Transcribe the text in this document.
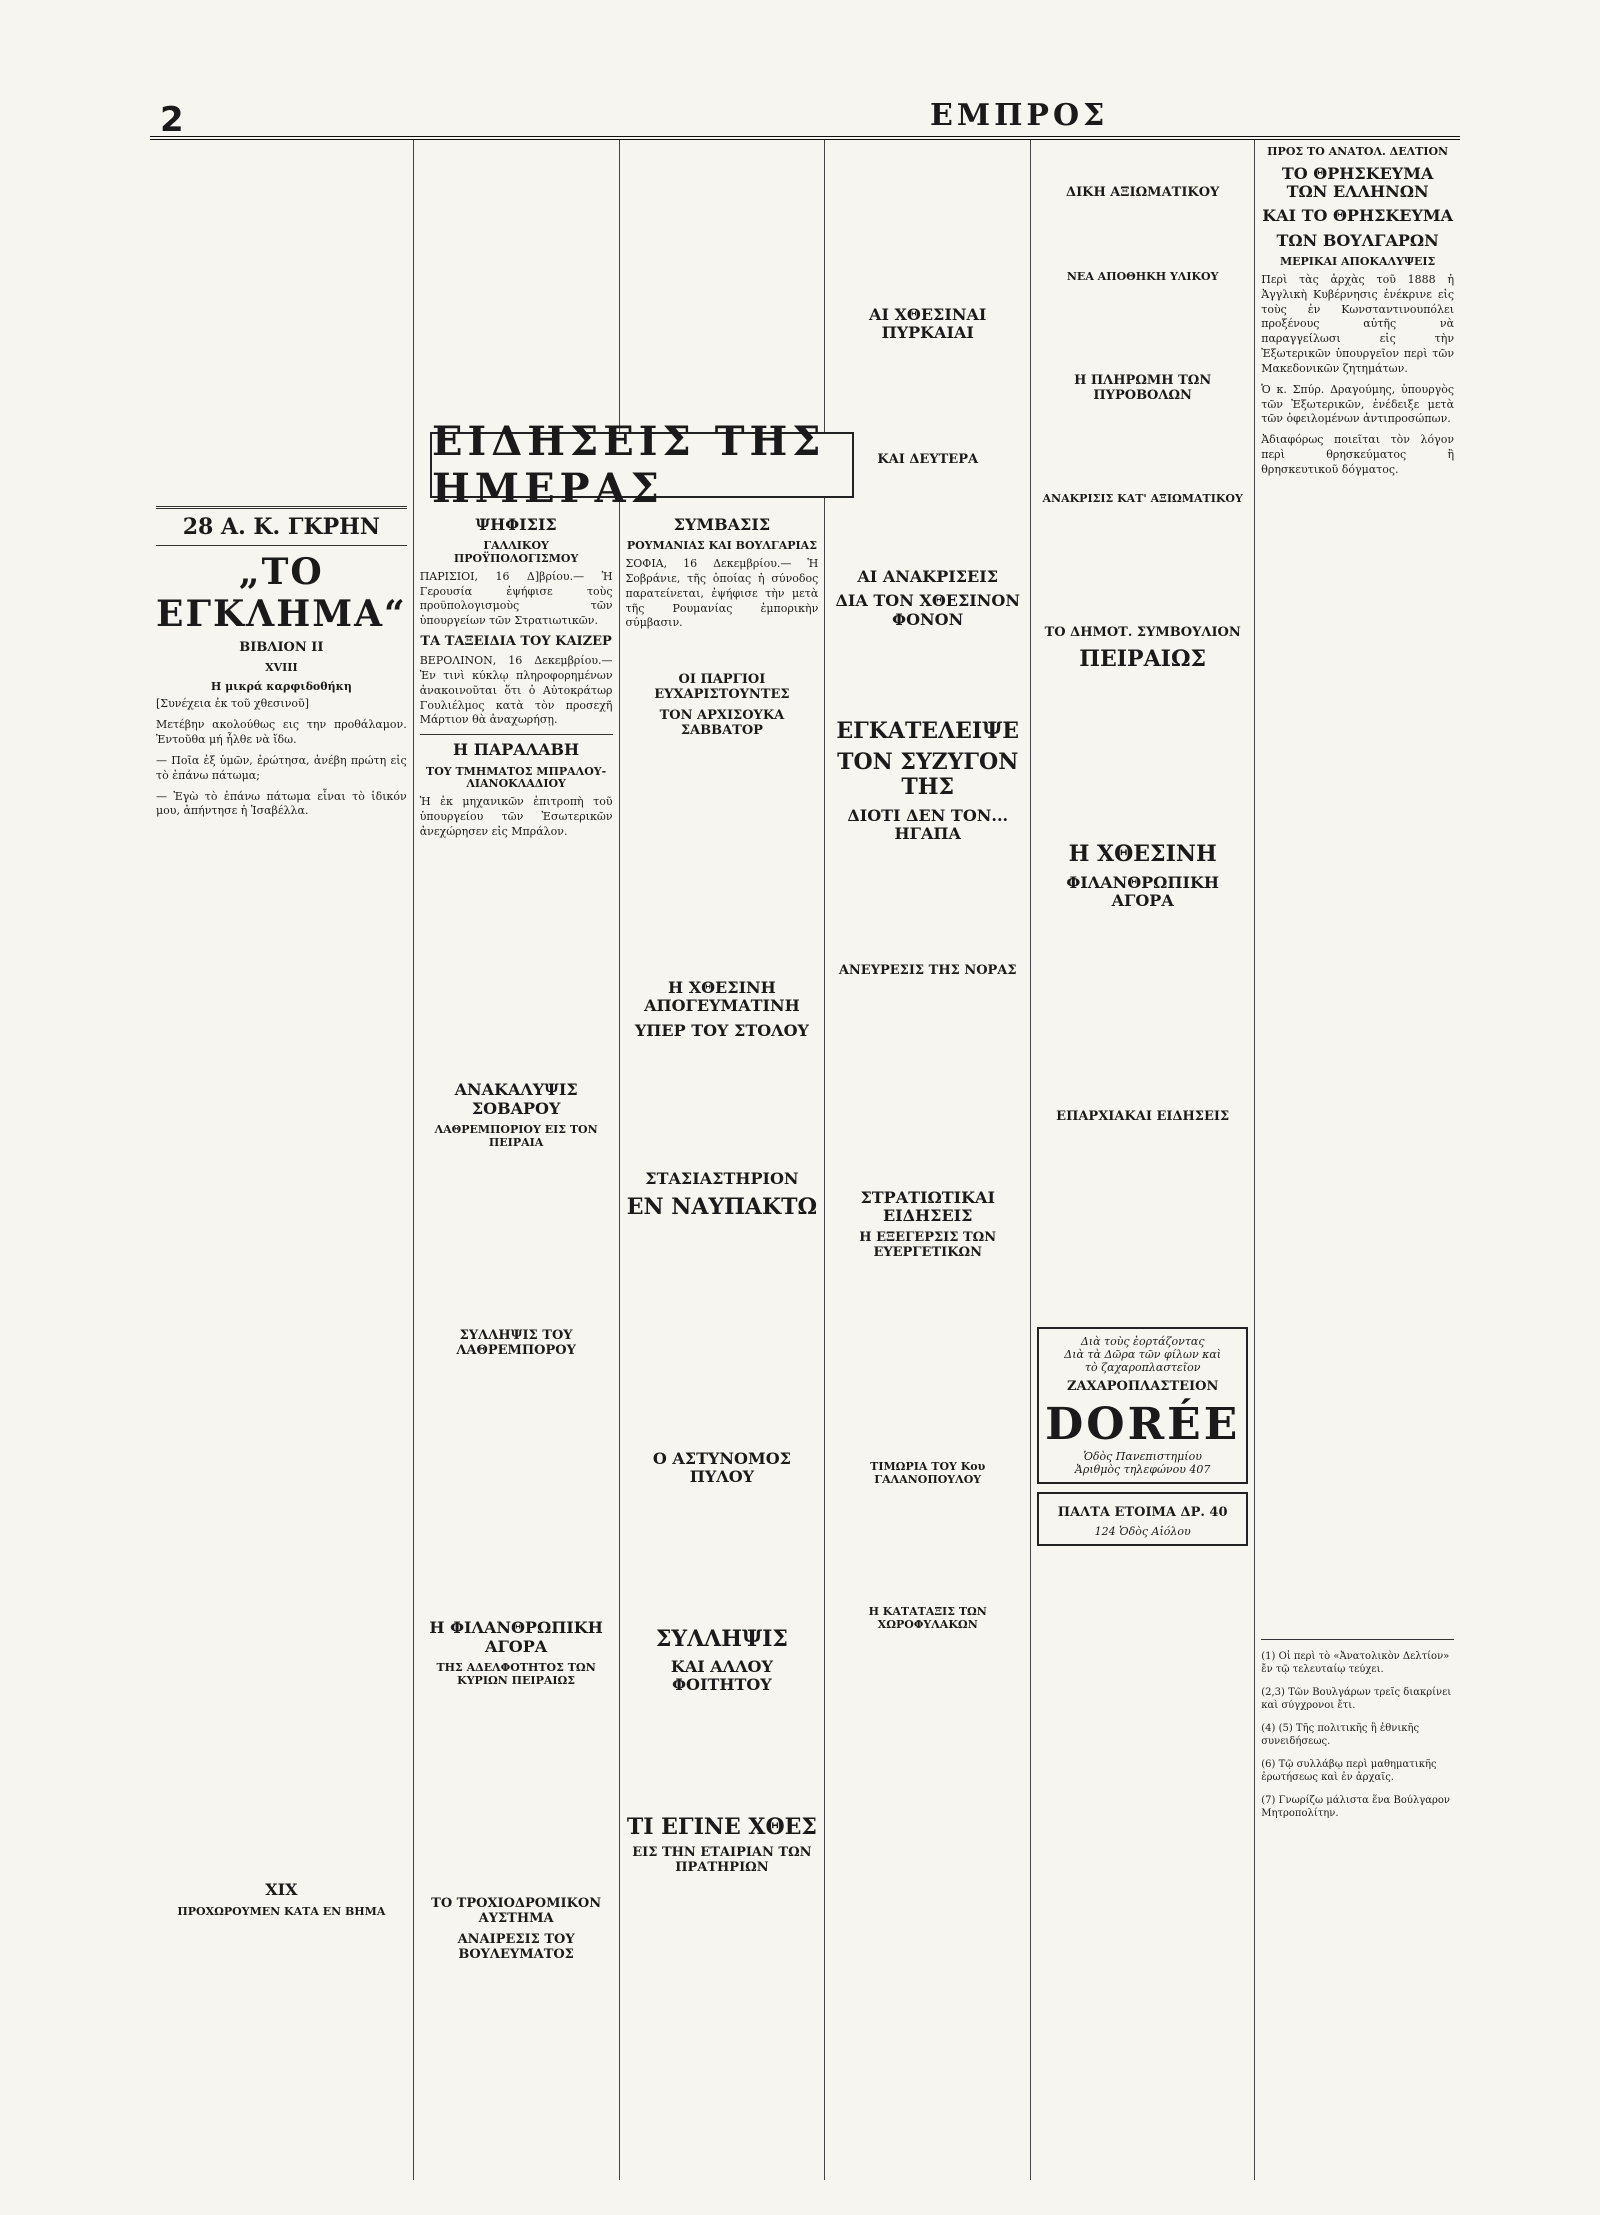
2	ΕΜΠΡΟΣ
28 Α. Κ. ΓΚΡΗΝ
„ΤΟ ΕΓΚΛΗΜΑ“
ΒΙΒΛΙΟΝ ΙΙ
XVIII
Η μικρά καρφιδοθήκη

[Συνέχεια ἐκ τοῦ χθεσινοῦ]

Μετέβην ακολούθως εις την προθάλαμον. Ἐντοῦθα μή ἦλθε νὰ ἴδω.

— Ποῖα ἐξ ὑμῶν, ἐρώτησα, ἀνέβη πρώτη εἰς τὸ ἐπάνω πάτωμα;

— Ἐγὼ τὸ ἐπάνω πάτωμα εἶναι τὸ ἰδικόν μου, ἀπήντησε ἡ Ἰσαβέλλα.

XIX
ΠΡΟΧΩΡΟΥΜΕΝ ΚΑΤΑ ΕΝ ΒΗΜΑ
ΨΗΦΙΣΙΣ
ΓΑΛΛΙΚΟΥ ΠΡΟΫΠΟΛΟΓΙΣΜΟΥ

ΠΑΡΙΣΙΟΙ, 16 Δ]βρίου.— Ἡ Γερουσία ἐψήφισε τοὺς προϋπολογισμοὺς τῶν ὑπουργείων τῶν Στρατιωτικῶν.

ΤΑ ΤΑΞΕΙΔΙΑ ΤΟΥ ΚΑΙΖΕΡ

ΒΕΡΟΛΙΝΟΝ, 16 Δεκεμβρίου.— Ἐν τινὶ κύκλῳ πληροφορημένων ἀνακοινοῦται ὅτι ὁ Αὐτοκράτωρ Γουλιέλμος κατὰ τὸν προσεχῆ Μάρτιον θὰ ἀναχωρήσῃ.

Η ΠΑΡΑΛΑΒΗ
ΤΟΥ ΤΜΗΜΑΤΟΣ ΜΠΡΑΛΟΥ-ΛΙΑΝΟΚΛΑΔΙΟΥ

Ἡ ἐκ μηχανικῶν ἐπιτροπὴ τοῦ ὑπουργείου τῶν Ἐσωτερικῶν ἀνεχώρησεν εἰς Μπράλον.

ΑΝΑΚΑΛΥΨΙΣ ΣΟΒΑΡΟΥ
ΛΑΘΡΕΜΠΟΡΙΟΥ ΕΙΣ ΤΟΝ ΠΕΙΡΑΙΑ
ΣΥΛΛΗΨΙΣ ΤΟΥ ΛΑΘΡΕΜΠΟΡΟΥ
Η ΦΙΛΑΝΘΡΩΠΙΚΗ ΑΓΟΡΑ
ΤΗΣ ΑΔΕΛΦΟΤΗΤΟΣ ΤΩΝ ΚΥΡΙΩΝ ΠΕΙΡΑΙΩΣ
ΤΟ ΤΡΟΧΙΟΔΡΟΜΙΚΟΝ ΑΥΣΤΗΜΑ
ΑΝΑΙΡΕΣΙΣ ΤΟΥ ΒΟΥΛΕΥΜΑΤΟΣ
ΣΥΜΒΑΣΙΣ
ΡΟΥΜΑΝΙΑΣ ΚΑΙ ΒΟΥΛΓΑΡΙΑΣ

ΣΟΦΙΑ, 16 Δεκεμβρίου.— Ἡ Σοβράνιε, τῆς ὁποίας ἡ σύνοδος παρατείνεται, ἐψήφισε τὴν μετὰ τῆς Ρουμανίας ἐμπορικὴν σύμβασιν.

ΟΙ ΠΑΡΓΙΟΙ ΕΥΧΑΡΙΣΤΟΥΝΤΕΣ
ΤΟΝ ΑΡΧΙΣΟΥΚΑ ΣΑΒΒΑΤΟΡ
Η ΧΘΕΣΙΝΗ ΑΠΟΓΕΥΜΑΤΙΝΗ
ΥΠΕΡ ΤΟΥ ΣΤΟΛΟΥ
ΣΤΑΣΙΑΣΤΗΡΙΟΝ
ΕΝ ΝΑΥΠΑΚΤΩ
Ο ΑΣΤΥΝΟΜΟΣ ΠΥΛΟΥ
ΣΥΛΛΗΨΙΣ
ΚΑΙ ΑΛΛΟΥ ΦΟΙΤΗΤΟΥ
ΤΙ ΕΓΙΝΕ ΧΘΕΣ
ΕΙΣ ΤΗΝ ΕΤΑΙΡΙΑΝ ΤΩΝ ΠΡΑΤΗΡΙΩΝ
ΑΙ ΧΘΕΣΙΝΑΙ ΠΥΡΚΑΙΑΙ
ΚΑΙ ΔΕΥΤΕΡΑ
ΑΙ ΑΝΑΚΡΙΣΕΙΣ
ΔΙΑ ΤΟΝ ΧΘΕΣΙΝΟΝ ΦΟΝΟΝ
ΕΓΚΑΤΕΛΕΙΨΕ
ΤΟΝ ΣΥΖΥΓΟΝ ΤΗΣ
ΔΙΟΤΙ ΔΕΝ ΤΟΝ... ΗΓΑΠΑ
ΑΝΕΥΡΕΣΙΣ ΤΗΣ ΝΟΡΑΣ
ΣΤΡΑΤΙΩΤΙΚΑΙ ΕΙΔΗΣΕΙΣ
Η ΕΞΕΓΕΡΣΙΣ ΤΩΝ ΕΥΕΡΓΕΤΙΚΩΝ
ΤΙΜΩΡΙΑ ΤΟΥ Κου ΓΑΛΑΝΟΠΟΥΛΟΥ
Η ΚΑΤΑΤΑΞΙΣ ΤΩΝ ΧΩΡΟΦΥΛΑΚΩΝ
ΔΙΚΗ ΑΞΙΩΜΑΤΙΚΟΥ
ΝΕΑ ΑΠΟΘΗΚΗ ΥΛΙΚΟΥ
Η ΠΛΗΡΩΜΗ ΤΩΝ ΠΥΡΟΒΟΛΩΝ
ΑΝΑΚΡΙΣΙΣ ΚΑΤ' ΑΞΙΩΜΑΤΙΚΟΥ
ΤΟ ΔΗΜΟΤ. ΣΥΜΒΟΥΛΙΟΝ
ΠΕΙΡΑΙΩΣ
Η ΧΘΕΣΙΝΗ
ΦΙΛΑΝΘΡΩΠΙΚΗ ΑΓΟΡΑ
ΕΠΑΡΧΙΑΚΑΙ ΕΙΔΗΣΕΙΣ
Διὰ τοὺς ἑορτάζοντας
Διὰ τὰ Δῶρα τῶν φίλων καὶ
τὸ ζαχαροπλαστεῖον
ΖΑΧΑΡΟΠΛΑΣΤΕΙΟΝ
DORÉE
Ὁδὸς Πανεπιστημίου
Ἀριθμὸς τηλεφώνου 407
ΠΑΛΤΑ ΕΤΟΙΜΑ ΔΡ. 40
124 Ὁδὸς Αἰόλου
ΠΡΟΣ ΤΟ ΑΝΑΤΟΛ. ΔΕΛΤΙΟΝ
ΤΟ ΘΡΗΣΚΕΥΜΑ ΤΩΝ ΕΛΛΗΝΩΝ
ΚΑΙ ΤΟ ΘΡΗΣΚΕΥΜΑ
ΤΩΝ ΒΟΥΛΓΑΡΩΝ
ΜΕΡΙΚΑΙ ΑΠΟΚΑΛΥΨΕΙΣ

Περὶ τὰς ἀρχὰς τοῦ 1888 ἡ Ἀγγλικὴ Κυβέρνησις ἐνέκρινε εἰς τοὺς ἐν Κωνσταντινουπόλει προξένους αὐτῆς νὰ παραγγείλωσι εἰς τὴν Ἐξωτερικῶν ὑπουργεῖον περὶ τῶν Μακεδονικῶν ζητημάτων.

Ὁ κ. Σπύρ. Δραγούμης, ὑπουργὸς τῶν Ἐξωτερικῶν, ἐνέδειξε μετὰ τῶν ὀφειλομένων ἀντιπροσώπων.

Ἀδιαφόρως ποιεῖται τὸν λόγον περὶ θρησκεύματος ἢ θρησκευτικοῦ δόγματος.

(1) Οἱ περὶ τὸ «Ἀνατολικὸν Δελτίον» ἔν τῷ τελευταίῳ τεύχει.

(2,3) Τῶν Βουλγάρων τρεῖς διακρίνει καὶ σύγχρονοι ἔτι.

(4) (5) Τῆς πολιτικῆς ἢ ἐθνικῆς συνειδήσεως.

(6) Τῷ συλλάβῳ περὶ μαθηματικῆς ἐρωτήσεως καὶ ἐν ἀρχαῖς.

(7) Γνωρίζω μάλιστα ἕνα Βούλγαρον Μητροπολίτην.

ΕΙΔΗΣΕΙΣ ΤΗΣ ΗΜΕΡΑΣ
